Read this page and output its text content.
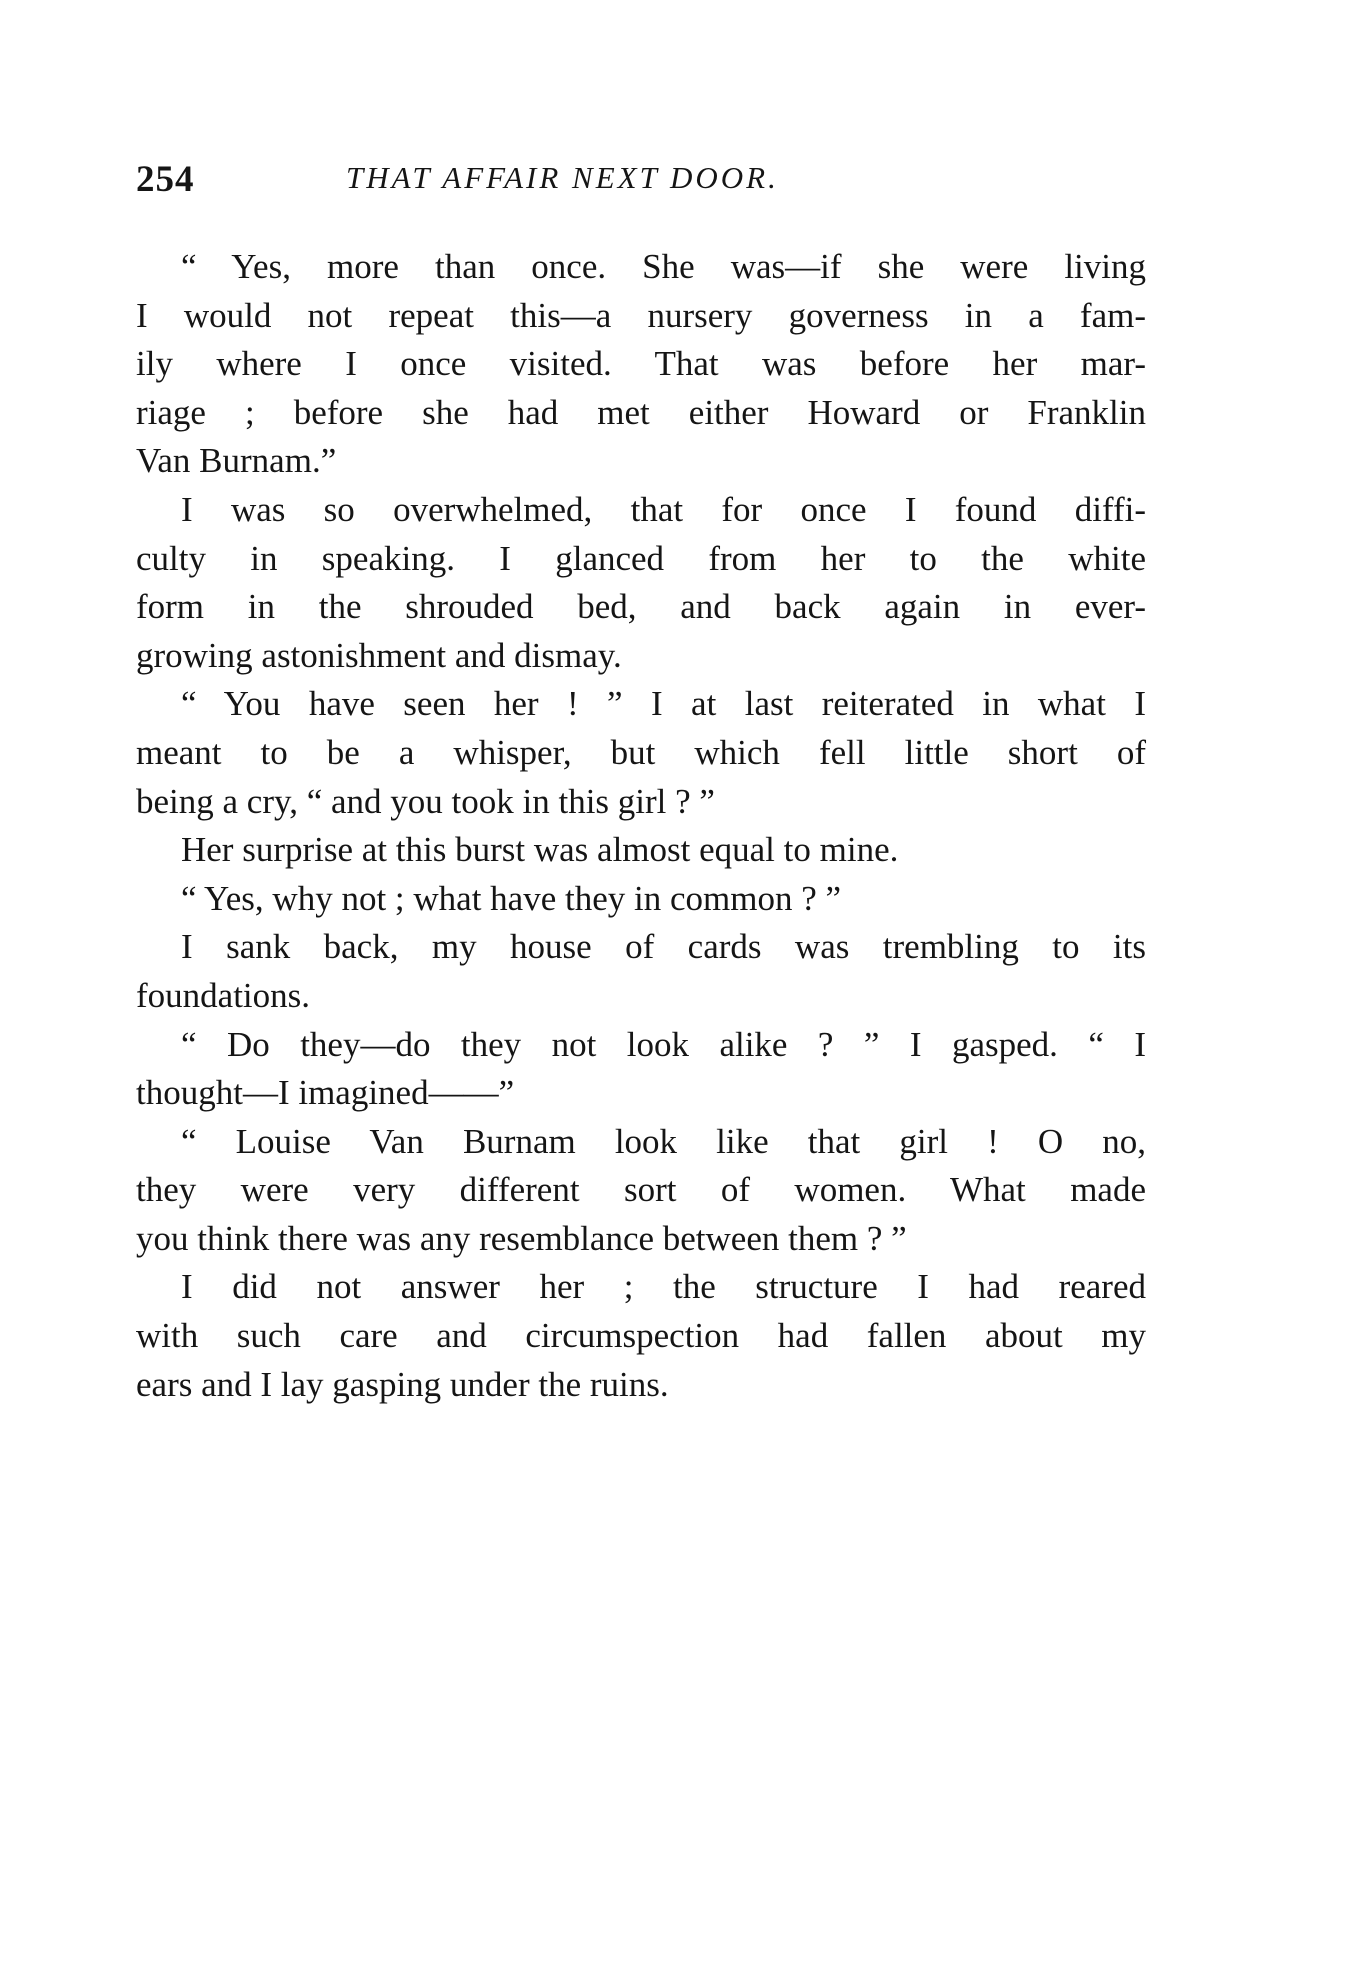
254	THAT AFFAIR NEXT DOOR.
“ Yes, more than once. She was—if she were living
I would not repeat this—a nursery governess in a fam-
ily where I once visited. That was before her mar-
riage ; before she had met either Howard or Franklin
Van Burnam.”
I was so overwhelmed, that for once I found diffi-
culty in speaking. I glanced from her to the white
form in the shrouded bed, and back again in ever-
growing astonishment and dismay.
“ You have seen her ! ” I at last reiterated in what I
meant to be a whisper, but which fell little short of
being a cry, “ and you took in this girl ? ”
Her surprise at this burst was almost equal to mine.
“ Yes, why not ; what have they in common ? ”
I sank back, my house of cards was trembling to its
foundations.
“ Do they—do they not look alike ? ” I gasped. “ I
thought—I imagined——”
“ Louise Van Burnam look like that girl ! O no,
they were very different sort of women. What made
you think there was any resemblance between them ? ”
I did not answer her ; the structure I had reared
with such care and circumspection had fallen about my
ears and I lay gasping under the ruins.
